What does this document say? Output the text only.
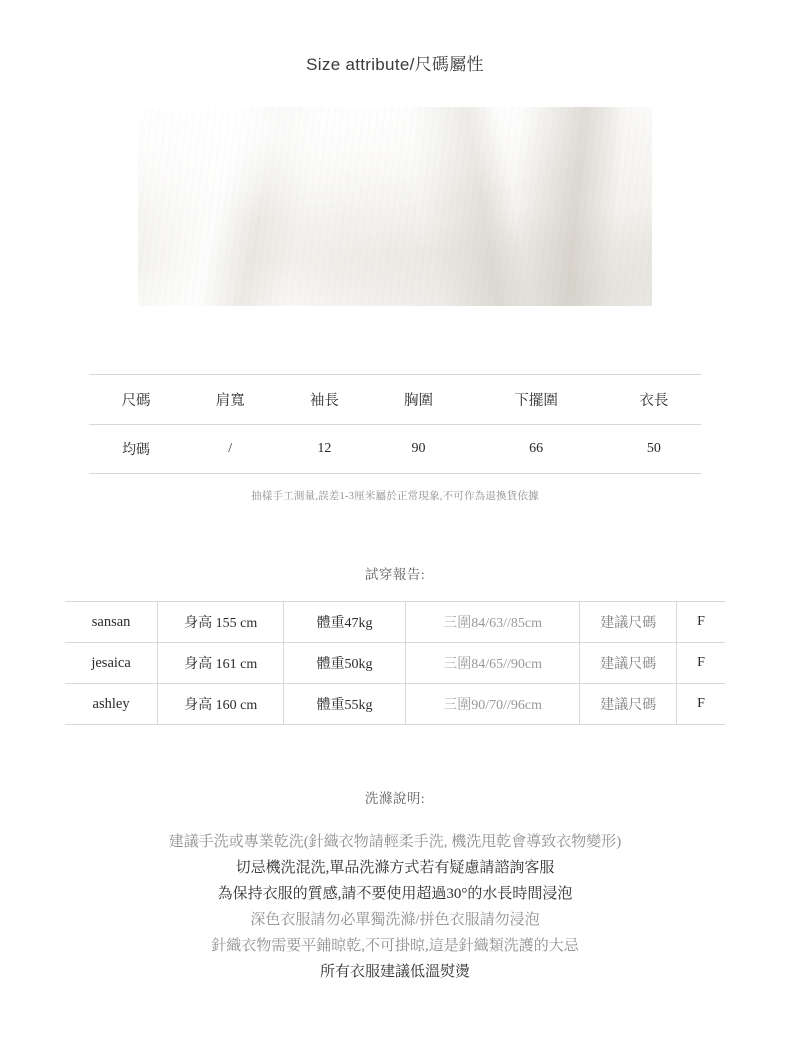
Size attribute/尺碼屬性
尺碼	肩寬	袖長	胸圍	下擺圍	衣長
均碼	/	12	90	66	50
抽樣手工測量,誤差1-3厘米屬於正常現象,不可作為退換貨依據
試穿報告:
sansan	身高 155 cm	體重47kg	三圍84/63//85cm	建議尺碼	F
jesaica	身高 161 cm	體重50kg	三圍84/65//90cm	建議尺碼	F
ashley	身高 160 cm	體重55kg	三圍90/70//96cm	建議尺碼	F
洗滌說明:
建議手洗或專業乾洗(針織衣物請輕柔手洗, 機洗甩乾會導致衣物變形)
切忌機洗混洗,單品洗滌方式若有疑慮請諮詢客服
為保持衣服的質感,請不要使用超過30°的水長時間浸泡
深色衣服請勿必單獨洗滌/拼色衣服請勿浸泡
針織衣物需要平鋪晾乾,不可掛晾,這是針織類洗護的大忌
所有衣服建議低溫熨燙
